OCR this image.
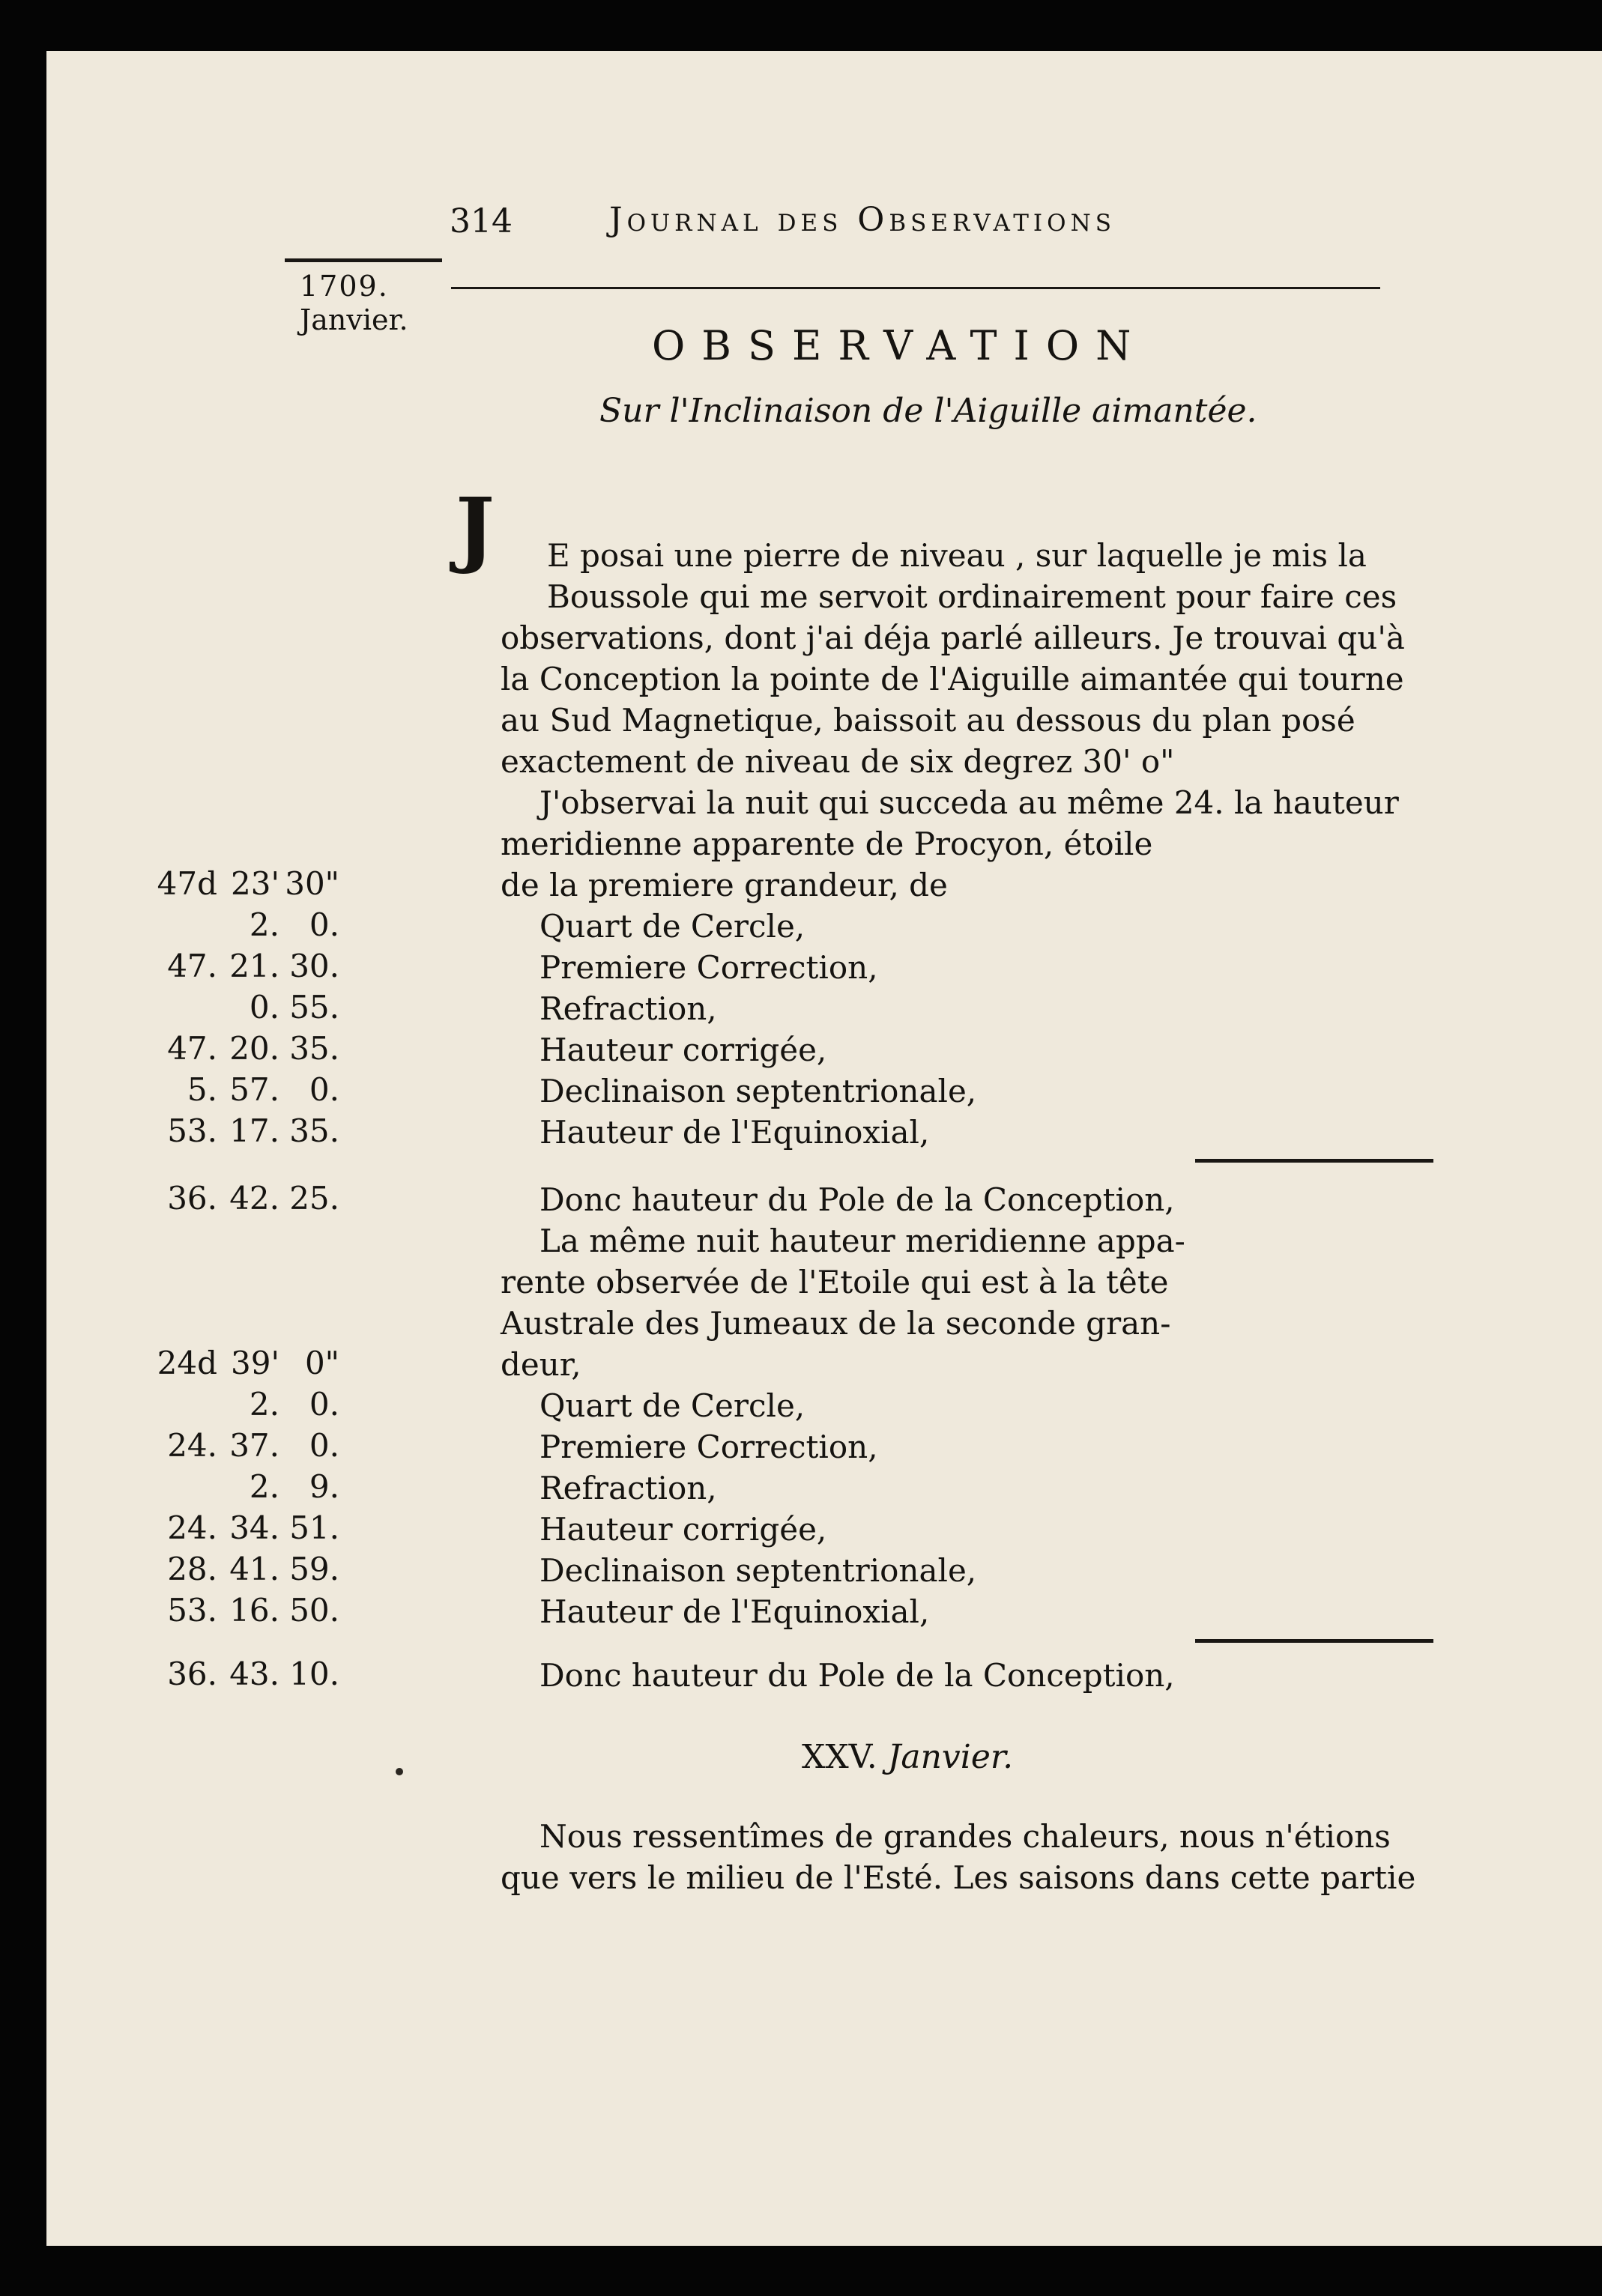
314	Journal des Observations
1709.
Janvier.
OBSERVATION
Sur l'Inclinaison de l'Aiguille aimantée.
J E posai une pierre de niveau , sur laquelle je mis la
Boussole qui me servoit ordinairement pour faire ces
observations, dont j'ai déja parlé ailleurs. Je trouvai qu'à
la Conception la pointe de l'Aiguille aimantée qui tourne
au Sud Magnetique, baissoit au dessous du plan posé
exactement de niveau de six degrez 30' o"
J'observai la nuit qui succeda au même 24. la hauteur
meridienne apparente de Procyon, étoile
de la premiere grandeur, de
47d 23' 30"
Quart de Cercle,
2. 0.
Premiere Correction,
47. 21. 30.
Refraction,
0. 55.
Hauteur corrigée,
47. 20. 35.
Declinaison septentrionale,
5. 57. 0.
Hauteur de l'Equinoxial,
53. 17. 35.
Donc hauteur du Pole de la Conception,
36. 42. 25.
La même nuit hauteur meridienne appa-
rente observée de l'Etoile qui est à la tête
Australe des Jumeaux de la seconde gran-
deur,
24d 39' 0"
Quart de Cercle,
2. 0.
Premiere Correction,
24. 37. 0.
Refraction,
2. 9.
Hauteur corrigée,
24. 34. 51.
Declinaison septentrionale,
28. 41. 59.
Hauteur de l'Equinoxial,
53. 16. 50.
Donc hauteur du Pole de la Conception,
36. 43. 10.
XXV. Janvier.
Nous ressentîmes de grandes chaleurs, nous n'étions
que vers le milieu de l'Esté. Les saisons dans cette partie
